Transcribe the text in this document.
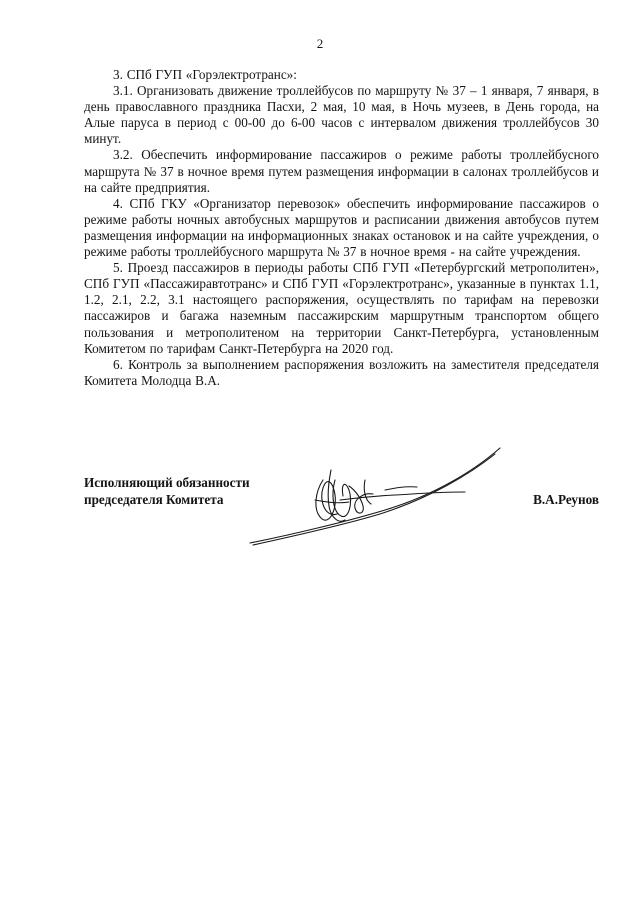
2

3. СПб ГУП «Горэлектротранс»:

3.1. Организовать движение троллейбусов по маршруту № 37 – 1 января, 7 января, в день православного праздника Пасхи, 2 мая, 10 мая, в Ночь музеев, в День города, на Алые паруса в период с 00-00 до 6-00 часов с интервалом движения троллейбусов 30 минут.

3.2. Обеспечить информирование пассажиров о режиме работы троллейбусного маршрута № 37 в ночное время путем размещения информации в салонах троллейбусов и на сайте предприятия.

4. СПб ГКУ «Организатор перевозок» обеспечить информирование пассажиров о режиме работы ночных автобусных маршрутов и расписании движения автобусов путем размещения информации на информационных знаках остановок и на сайте учреждения, о режиме работы троллейбусного маршрута № 37 в ночное время - на сайте учреждения.

5. Проезд пассажиров в периоды работы СПб ГУП «Петербургский метрополитен», СПб ГУП «Пассажиравтотранс» и СПб ГУП «Горэлектротранс», указанные в пунктах 1.1, 1.2, 2.1, 2.2, 3.1 настоящего распоряжения, осуществлять по тарифам на перевозки пассажиров и багажа наземным пассажирским маршрутным транспортом общего пользования и метрополитеном на территории Санкт-Петербурга, установленным Комитетом по тарифам Санкт-Петербурга на 2020 год.

6. Контроль за выполнением распоряжения возложить на заместителя председателя Комитета Молодца В.А.

Исполняющий обязанности
председателя Комитета	В.А.Реунов
